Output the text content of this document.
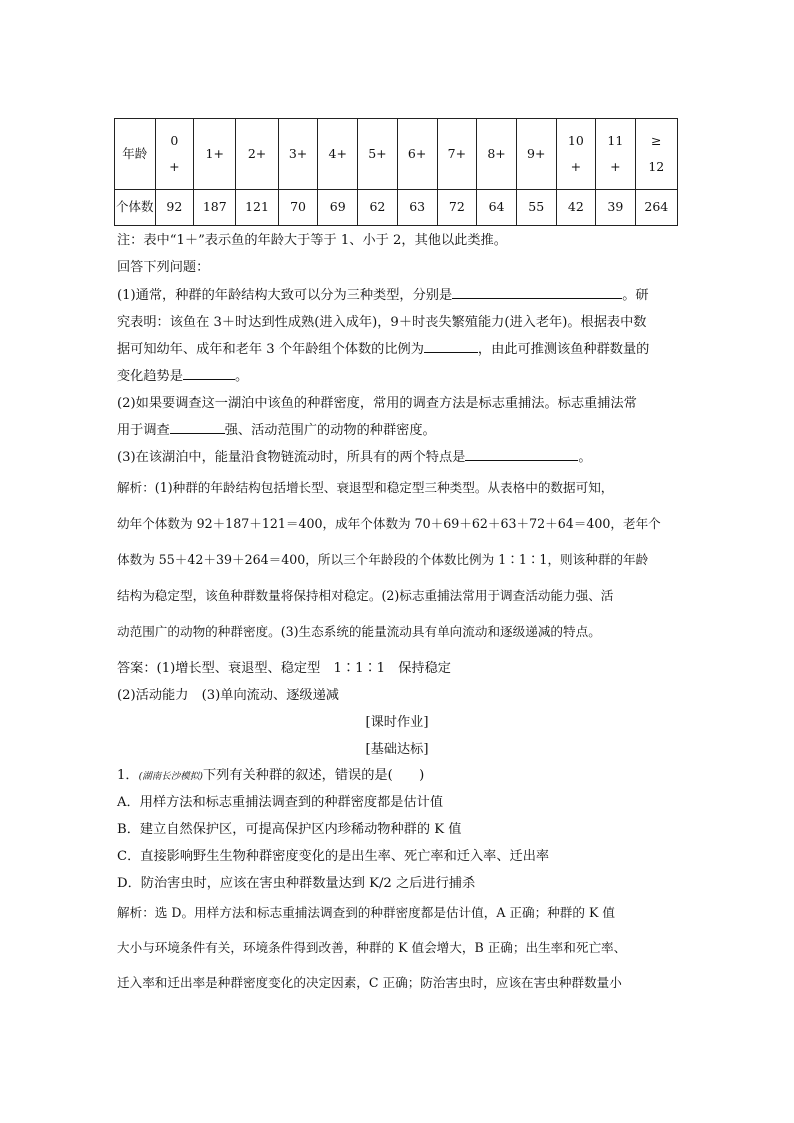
年龄	0+	1+	2+	3+	4+	5+	6+	7+	8+	9+	10+	11+	≥12
个体数	92	187	121	70	69	62	63	72	64	55	42	39	264
注：表中“1＋”表示鱼的年龄大于等于 1、小于 2，其他以此类推。
回答下列问题：
(1)通常，种群的年龄结构大致可以分为三种类型，分别是	。研
究表明：该鱼在 3＋时达到性成熟(进入成年)，9＋时丧失繁殖能力(进入老年)。根据表中数
据可知幼年、成年和老年 3 个年龄组个体数的比例为	，由此可推测该鱼种群数量的
变化趋势是	。
(2)如果要调查这一湖泊中该鱼的种群密度，常用的调查方法是标志重捕法。标志重捕法常
用于调查	强、活动范围广的动物的种群密度。
(3)在该湖泊中，能量沿食物链流动时，所具有的两个特点是	。
解析：(1)种群的年龄结构包括增长型、衰退型和稳定型三种类型。从表格中的数据可知，
幼年个体数为 92＋187＋121＝400，成年个体数为 70＋69＋62＋63＋72＋64＝400，老年个
体数为 55＋42＋39＋264＝400，所以三个年龄段的个体数比例为 1∶1∶1，则该种群的年龄
结构为稳定型，该鱼种群数量将保持相对稳定。(2)标志重捕法常用于调查活动能力强、活
动范围广的动物的种群密度。(3)生态系统的能量流动具有单向流动和逐级递减的特点。
答案：(1)增长型、衰退型、稳定型　1∶1∶1　保持稳定
(2)活动能力　(3)单向流动、逐级递减
[课时作业]
[基础达标]
1．(湖南长沙模拟)下列有关种群的叙述，错误的是(　　)
A．用样方法和标志重捕法调查到的种群密度都是估计值
B．建立自然保护区，可提高保护区内珍稀动物种群的 K 值
C．直接影响野生生物种群密度变化的是出生率、死亡率和迁入率、迁出率
D．防治害虫时，应该在害虫种群数量达到 K/2 之后进行捕杀
解析：选 D。用样方法和标志重捕法调查到的种群密度都是估计值，A 正确；种群的 K 值
大小与环境条件有关，环境条件得到改善，种群的 K 值会增大，B 正确；出生率和死亡率、
迁入率和迁出率是种群密度变化的决定因素，C 正确；防治害虫时，应该在害虫种群数量小
